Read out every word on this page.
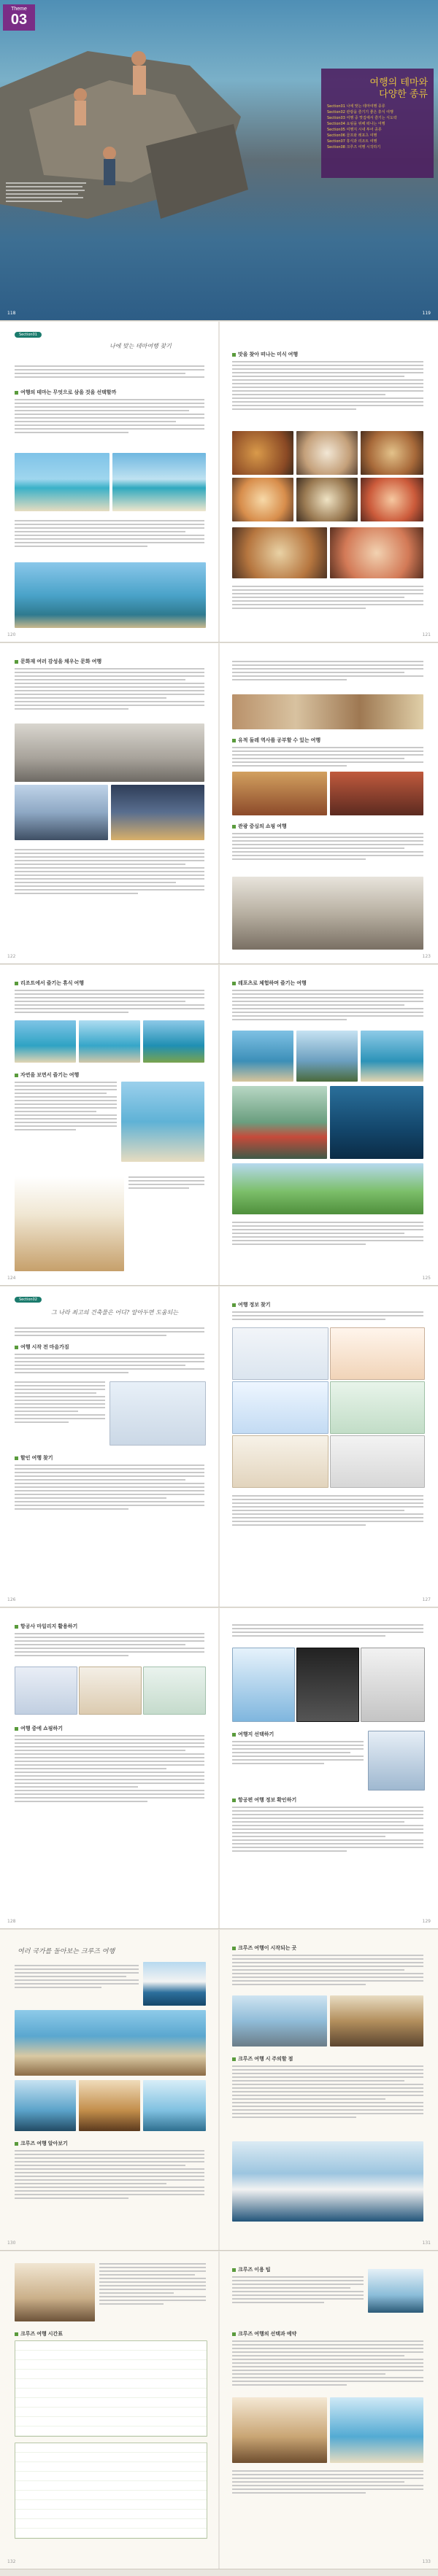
Theme
03
여행의 테마와
다양한 종류
Section01 나에 맞는 테마여행 종류
Section02 관광을 즐기기 좋은 휴식 여행
Section03 여행 중 맛집에서 즐기는 식도락
Section04 쇼핑을 위해 떠나는 여행
Section05 여행지 시내 투어 종류
Section06 골프와 레포츠 여행
Section07 휴식과 리조트 여행
Section08 크루즈 여행 시작하기
118	119
Section01
나에 맞는 테마여행 찾기
여행의 테마는 무엇으로 삼을 것을 선택할까
맛을 찾아 떠나는 미식 여행
120	121
문화재 여러 감성을 채우는 문화 여행
유적 둘레 역사를 공부할 수 있는 여행
관광 중심의 쇼핑 여행
122	123
리조트에서 즐기는 휴식 여행
자연을 보면서 즐기는 여행
레포츠로 체험하며 즐기는 여행
124	125
Section02
그 나라 최고의 건축물은 어디? 알아두면 도움되는
여행 시작 전 마음가짐
할인 여행 찾기
여행 정보 찾기
126	127
항공사 마일리지 활용하기
여행 중에 쇼핑하기
여행지 선택하기
항공편 여행 정보 확인하기
128	129
여러 국가를 돌아보는 크루즈 여행
크루즈 여행 알아보기
크루즈 여행이 시작되는 곳
크루즈 여행 시 주의할 점
130	131
크루즈 여행 시간표
크루즈 이용 팁
크루즈 여행의 선택과 예약
132	133
